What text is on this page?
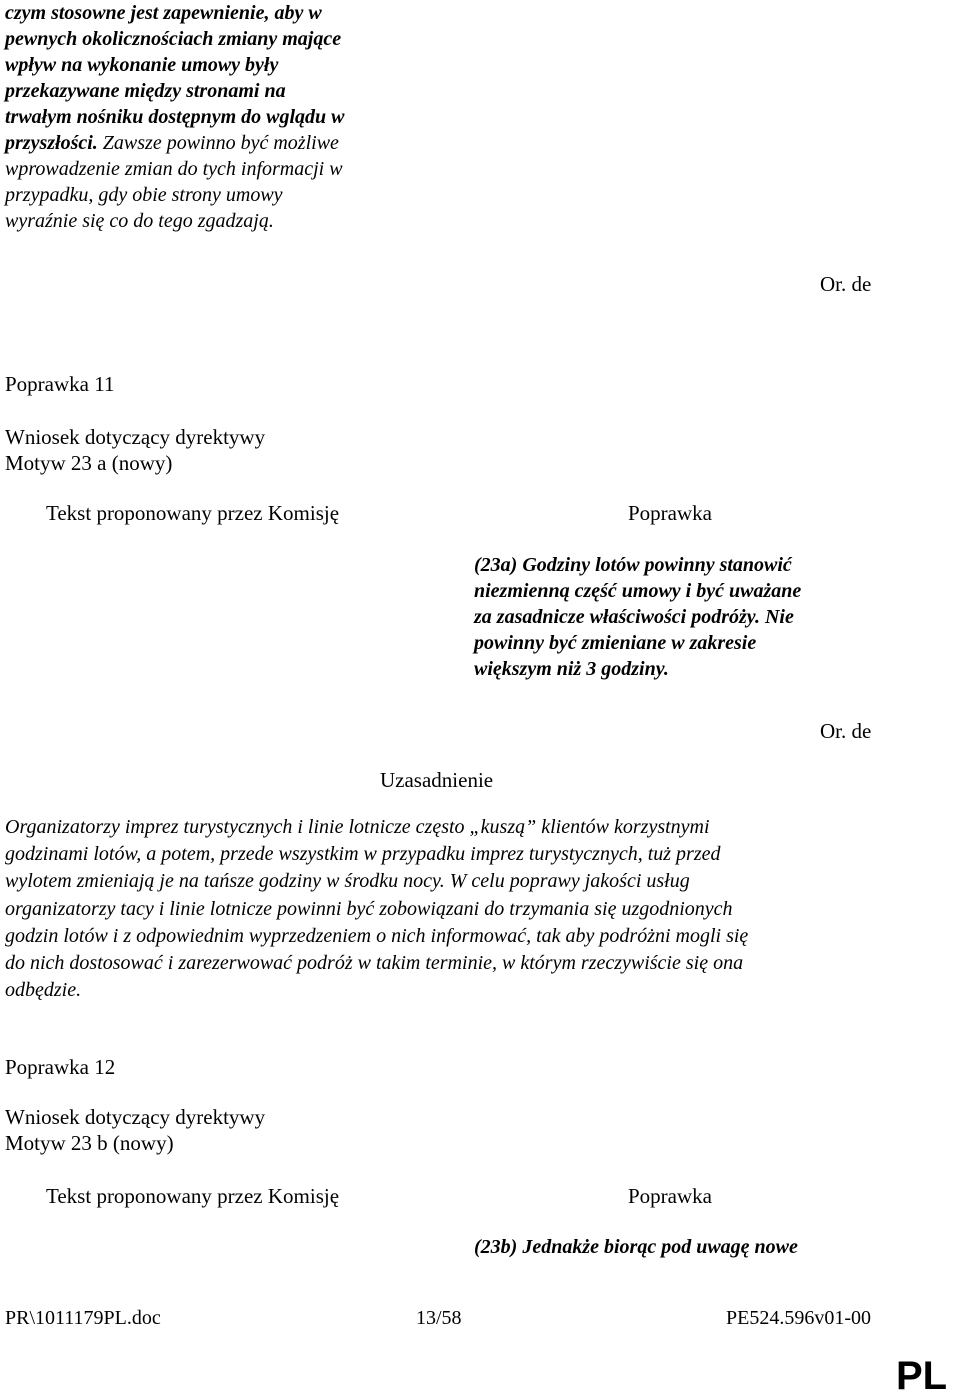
czym stosowne jest zapewnienie, aby w

pewnych okolicznościach zmiany mające

wpływ na wykonanie umowy były

przekazywane między stronami na

trwałym nośniku dostępnym do wglądu w

przyszłości. Zawsze powinno być możliwe

wprowadzenie zmian do tych informacji w

przypadku, gdy obie strony umowy

wyraźnie się co do tego zgadzają.

Or. de
Poprawka 11
Wniosek dotyczący dyrektywy
Motyw 23 a (nowy)
Tekst proponowany przez Komisję	Poprawka
(23a) Godziny lotów powinny stanowić
niezmienną część umowy i być uważane
za zasadnicze właściwości podróży. Nie
powinny być zmieniane w zakresie
większym niż 3 godziny.
Or. de
Uzasadnienie
Organizatorzy imprez turystycznych i linie lotnicze często „kuszą” klientów korzystnymi
godzinami lotów, a potem, przede wszystkim w przypadku imprez turystycznych, tuż przed
wylotem zmieniają je na tańsze godziny w środku nocy. W celu poprawy jakości usług
organizatorzy tacy i linie lotnicze powinni być zobowiązani do trzymania się uzgodnionych
godzin lotów i z odpowiednim wyprzedzeniem o nich informować, tak aby podróżni mogli się
do nich dostosować i zarezerwować podróż w takim terminie, w którym rzeczywiście się ona
odbędzie.
Poprawka 12
Wniosek dotyczący dyrektywy
Motyw 23 b (nowy)
Tekst proponowany przez Komisję	Poprawka
(23b) Jednakże biorąc pod uwagę nowe
PR\1011179PL.doc	13/58	PE524.596v01-00
PL
